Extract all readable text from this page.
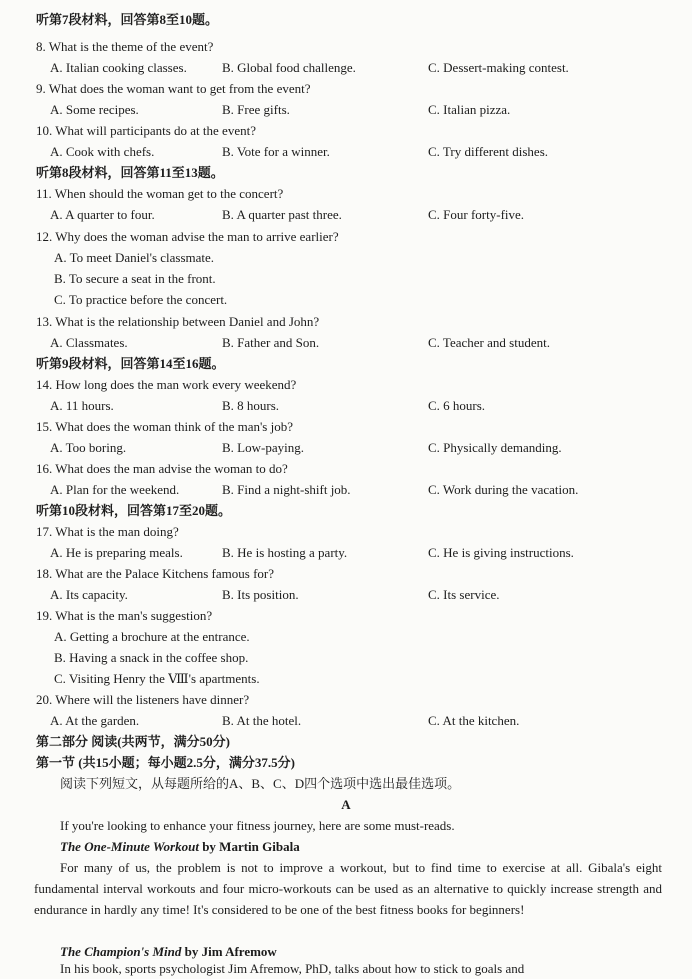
听第7段材料，回答第8至10题。
8. What is the theme of the event?
A. Italian cooking classes.	B. Global food challenge.	C. Dessert-making contest.
9. What does the woman want to get from the event?
A. Some recipes.	B. Free gifts.	C. Italian pizza.
10. What will participants do at the event?
A. Cook with chefs.	B. Vote for a winner.	C. Try different dishes.
听第8段材料，回答第11至13题。
11. When should the woman get to the concert?
A. A quarter to four.	B. A quarter past three.	C. Four forty-five.
12. Why does the woman advise the man to arrive earlier?
A. To meet Daniel's classmate.
B. To secure a seat in the front.
C. To practice before the concert.
13. What is the relationship between Daniel and John?
A. Classmates.	B. Father and Son.	C. Teacher and student.
听第9段材料，回答第14至16题。
14. How long does the man work every weekend?
A. 11 hours.	B. 8 hours.	C. 6 hours.
15. What does the woman think of the man's job?
A. Too boring.	B. Low-paying.	C. Physically demanding.
16. What does the man advise the woman to do?
A. Plan for the weekend.	B. Find a night-shift job.	C. Work during the vacation.
听第10段材料，回答第17至20题。
17. What is the man doing?
A. He is preparing meals.	B. He is hosting a party.	C. He is giving instructions.
18. What are the Palace Kitchens famous for?
A. Its capacity.	B. Its position.	C. Its service.
19. What is the man's suggestion?
A. Getting a brochure at the entrance.
B. Having a snack in the coffee shop.
C. Visiting Henry the Ⅷ's apartments.
20. Where will the listeners have dinner?
A. At the garden.	B. At the hotel.	C. At the kitchen.
第二部分 阅读(共两节，满分50分)
第一节 (共15小题；每小题2.5分，满分37.5分)
阅读下列短文，从每题所给的A、B、C、D四个选项中选出最佳选项。
A
If you're looking to enhance your fitness journey, here are some must-reads.
The One-Minute Workout by Martin Gibala

For many of us, the problem is not to improve a workout, but to find time to exercise at all. Gibala's eight fundamental interval workouts and four micro-workouts can be used as an alternative to quickly increase strength and endurance in hardly any time! It's considered to be one of the best fitness books for beginners!

The Champion's Mind by Jim Afremow
In his book, sports psychologist Jim Afremow, PhD, talks about how to stick to goals and
